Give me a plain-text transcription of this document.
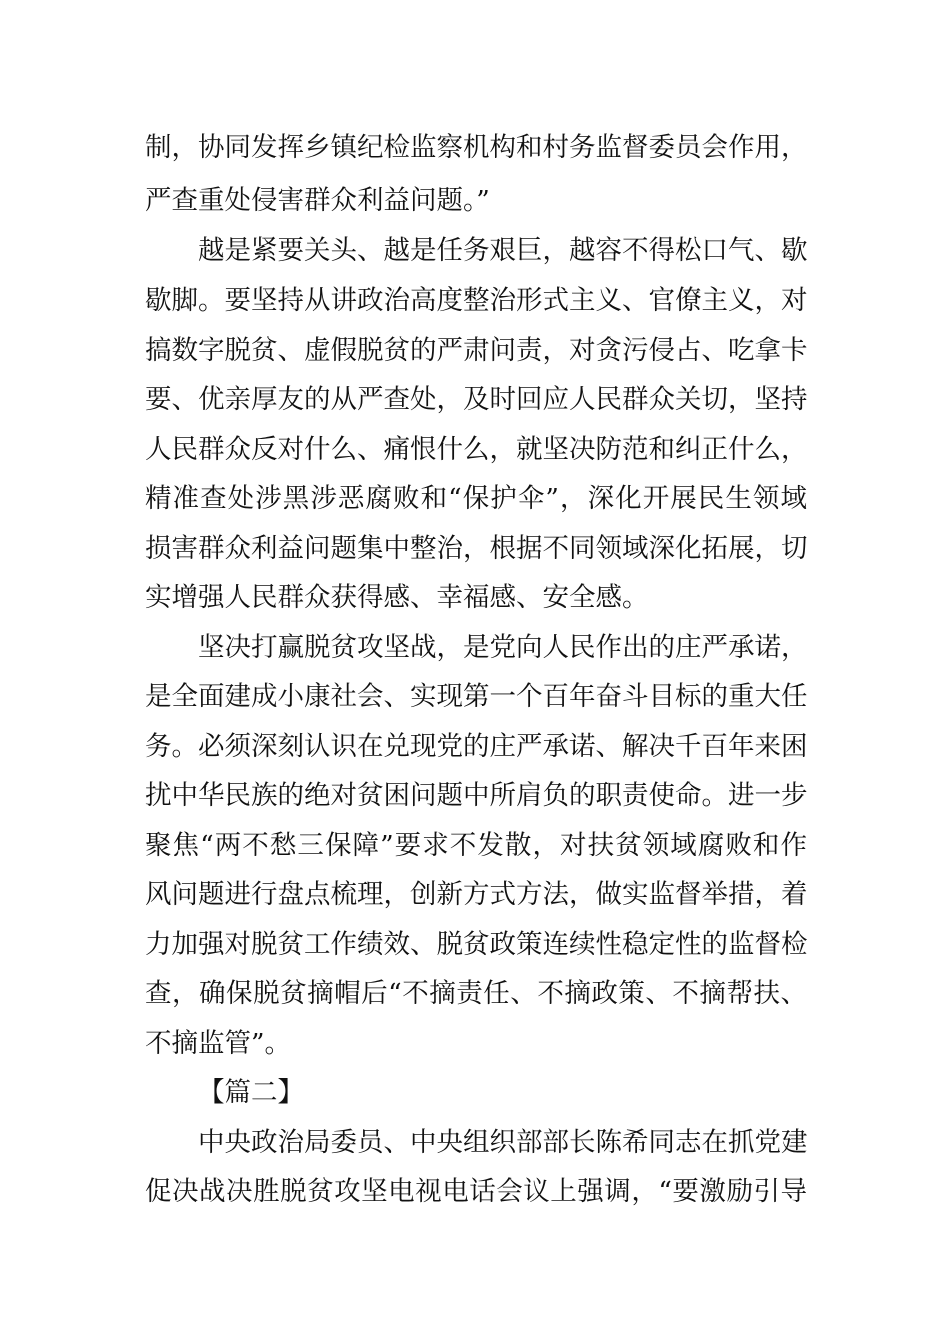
制，协同发挥乡镇纪检监察机构和村务监督委员会作用，
严查重处侵害群众利益问题。”
越是紧要关头、越是任务艰巨，越容不得松口气、歇
歇脚。要坚持从讲政治高度整治形式主义、官僚主义，对
搞数字脱贫、虚假脱贫的严肃问责，对贪污侵占、吃拿卡
要、优亲厚友的从严查处，及时回应人民群众关切，坚持
人民群众反对什么、痛恨什么，就坚决防范和纠正什么，
精准查处涉黑涉恶腐败和“保护伞”，深化开展民生领域
损害群众利益问题集中整治，根据不同领域深化拓展，切
实增强人民群众获得感、幸福感、安全感。
坚决打赢脱贫攻坚战，是党向人民作出的庄严承诺，
是全面建成小康社会、实现第一个百年奋斗目标的重大任
务。必须深刻认识在兑现党的庄严承诺、解决千百年来困
扰中华民族的绝对贫困问题中所肩负的职责使命。进一步
聚焦“两不愁三保障”要求不发散，对扶贫领域腐败和作
风问题进行盘点梳理，创新方式方法，做实监督举措，着
力加强对脱贫工作绩效、脱贫政策连续性稳定性的监督检
查，确保脱贫摘帽后“不摘责任、不摘政策、不摘帮扶、
不摘监管”。
【篇二】
中央政治局委员、中央组织部部长陈希同志在抓党建
促决战决胜脱贫攻坚电视电话会议上强调，“要激励引导
